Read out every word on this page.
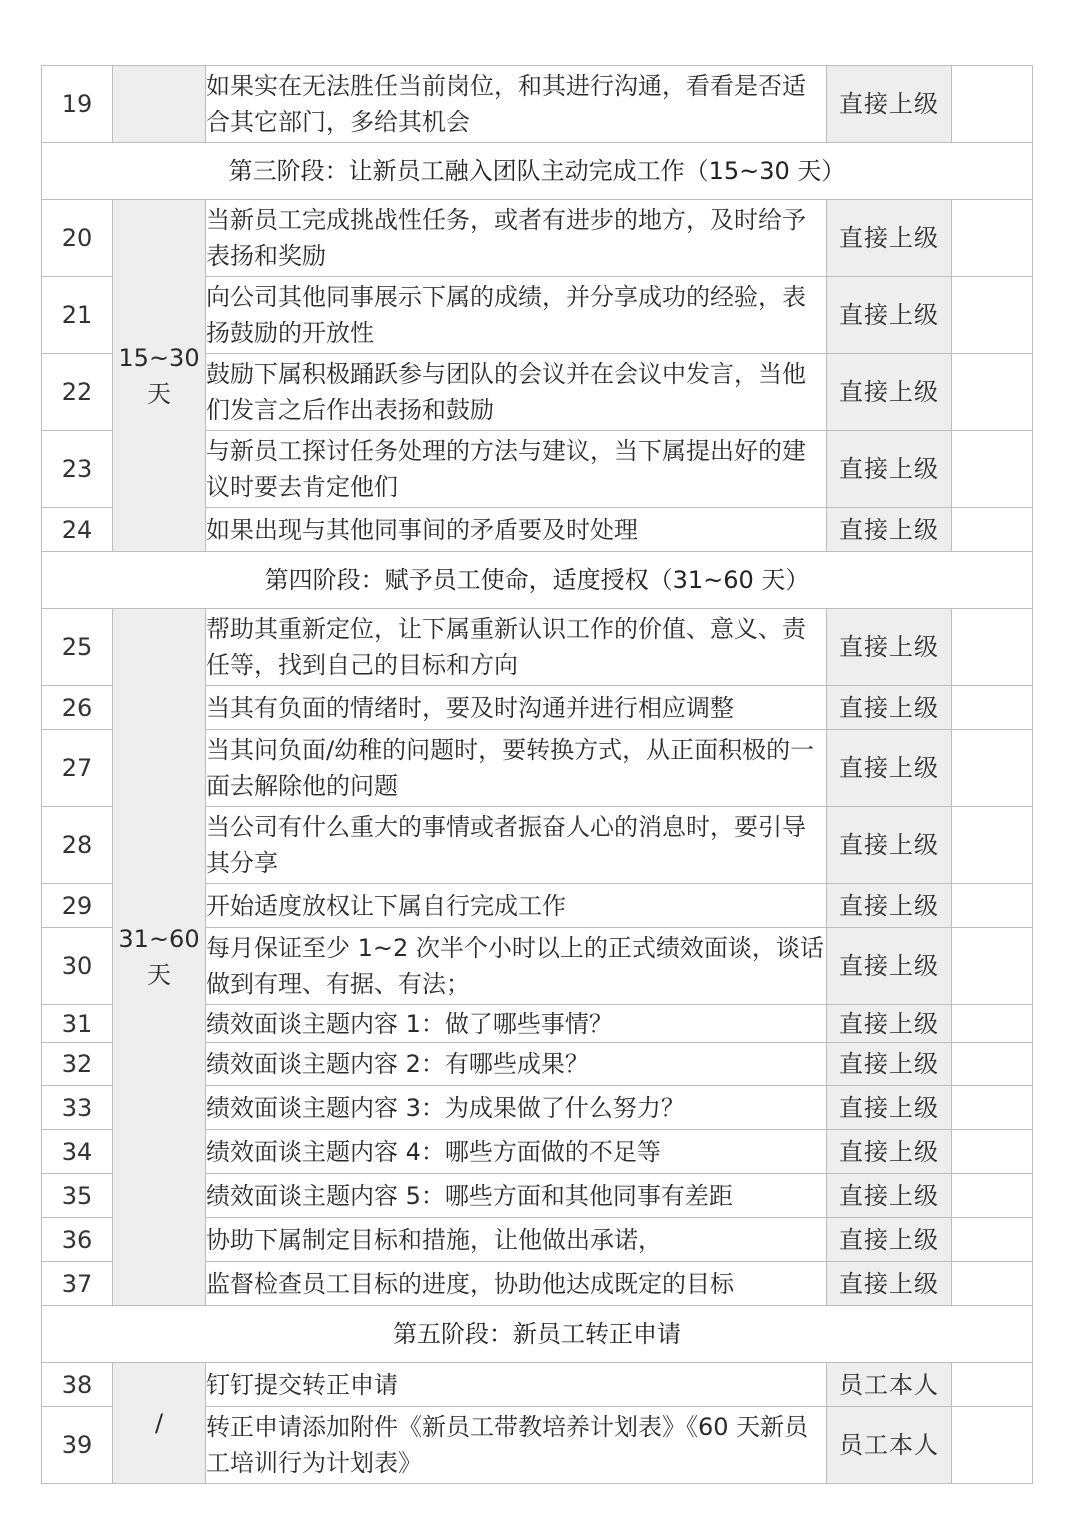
19		如果实在无法胜任当前岗位，和其进行沟通，看看是否适合其它部门，多给其机会	直接上级	
第三阶段：让新员工融入团队主动完成工作（15~30 天）				
20	15~30 天	当新员工完成挑战性任务，或者有进步的地方，及时给予表扬和奖励	直接上级	
21		向公司其他同事展示下属的成绩，并分享成功的经验，表扬鼓励的开放性	直接上级	
22		鼓励下属积极踊跃参与团队的会议并在会议中发言，当他们发言之后作出表扬和鼓励	直接上级	
23		与新员工探讨任务处理的方法与建议，当下属提出好的建议时要去肯定他们	直接上级	
24		如果出现与其他同事间的矛盾要及时处理	直接上级	
第四阶段：赋予员工使命，适度授权（31~60 天）				
25	31~60 天	帮助其重新定位，让下属重新认识工作的价值、意义、责任等，找到自己的目标和方向	直接上级	
26		当其有负面的情绪时，要及时沟通并进行相应调整	直接上级	
27		当其问负面/幼稚的问题时，要转换方式，从正面积极的一面去解除他的问题	直接上级	
28		当公司有什么重大的事情或者振奋人心的消息时，要引导其分享	直接上级	
29		开始适度放权让下属自行完成工作	直接上级	
30		每月保证至少 1~2 次半个小时以上的正式绩效面谈，谈话做到有理、有据、有法；	直接上级	
31		绩效面谈主题内容 1：做了哪些事情？	直接上级	
32		绩效面谈主题内容 2：有哪些成果？	直接上级	
33		绩效面谈主题内容 3：为成果做了什么努力？	直接上级	
34		绩效面谈主题内容 4：哪些方面做的不足等	直接上级	
35		绩效面谈主题内容 5：哪些方面和其他同事有差距	直接上级	
36		协助下属制定目标和措施，让他做出承诺，	直接上级	
37		监督检查员工目标的进度，协助他达成既定的目标	直接上级	
第五阶段：新员工转正申请				
38	/	钉钉提交转正申请	员工本人	
39		转正申请添加附件《新员工带教培养计划表》《60 天新员工培训行为计划表》	员工本人	
